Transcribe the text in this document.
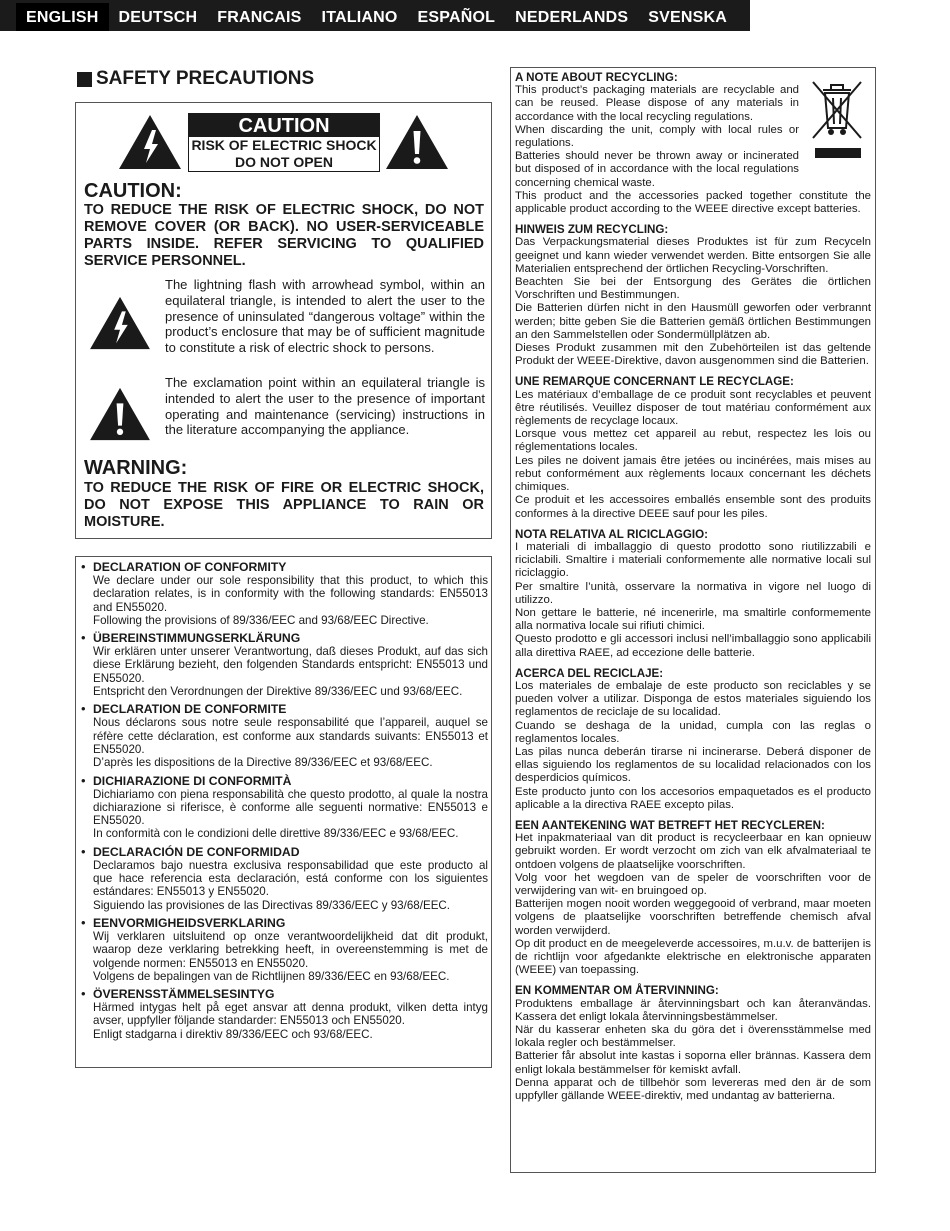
ENGLISH	DEUTSCH	FRANCAIS	ITALIANO	ESPAÑOL	NEDERLANDS	SVENSKA
SAFETY PRECAUTIONS
CAUTION
RISK OF ELECTRIC SHOCK
DO NOT OPEN
CAUTION:
TO REDUCE THE RISK OF ELECTRIC SHOCK, DO NOT REMOVE COVER (OR BACK). NO USER-SERVICEABLE PARTS INSIDE. REFER SERVICING TO QUALIFIED SERVICE PERSONNEL.
The lightning flash with arrowhead symbol, within an equilateral triangle, is intended to alert the user to the presence of uninsulated “dangerous voltage” within the product’s enclosure that may be of sufficient magnitude to constitute a risk of electric shock to persons.
The exclamation point within an equilateral triangle is intended to alert the user to the presence of important operating and maintenance (servicing) instructions in the literature accompanying the appliance.
WARNING:
TO REDUCE THE RISK OF FIRE OR ELECTRIC SHOCK, DO NOT EXPOSE THIS APPLIANCE TO RAIN OR MOISTURE.
• DECLARATION OF CONFORMITY
We declare under our sole responsibility that this product, to which this declaration relates, is in conformity with the following standards: EN55013 and EN55020.
Following the provisions of 89/336/EEC and 93/68/EEC Directive.
• ÜBEREINSTIMMUNGSERKLÄRUNG
Wir erklären unter unserer Verantwortung, daß dieses Produkt, auf das sich diese Erklärung bezieht, den folgenden Standards entspricht: EN55013 und EN55020.
Entspricht den Verordnungen der Direktive 89/336/EEC und 93/68/EEC.
• DECLARATION DE CONFORMITE
Nous déclarons sous notre seule responsabilité que l’appareil, auquel se réfère cette déclaration, est conforme aux standards suivants: EN55013 et EN55020.
D’après les dispositions de la Directive 89/336/EEC et 93/68/EEC.
• DICHIARAZIONE DI CONFORMITÀ
Dichiariamo con piena responsabilità che questo prodotto, al quale la nostra dichiarazione si riferisce, è conforme alle seguenti normative: EN55013 e EN55020.
In conformità con le condizioni delle direttive 89/336/EEC e 93/68/EEC.
• DECLARACIÓN DE CONFORMIDAD
Declaramos bajo nuestra exclusiva responsabilidad que este producto al que hace referencia esta declaración, está conforme con los siguientes estándares: EN55013 y EN55020.
Siguiendo las provisiones de las Directivas 89/336/EEC y 93/68/EEC.
• EENVORMIGHEIDSVERKLARING
Wij verklaren uitsluitend op onze verantwoordelijkheid dat dit produkt, waarop deze verklaring betrekking heeft, in overeenstemming is met de volgende normen: EN55013 en EN55020.
Volgens de bepalingen van de Richtlijnen 89/336/EEC en 93/68/EEC.
• ÖVERENSSTÄMMELSESINTYG
Härmed intygas helt på eget ansvar att denna produkt, vilken detta intyg avser, uppfyller följande standarder: EN55013 och EN55020.
Enligt stadgarna i direktiv 89/336/EEC och 93/68/EEC.
A NOTE ABOUT RECYCLING:

This product’s packaging materials are recyclable and can be reused. Please dispose of any materials in accordance with the local recycling regulations.

When discarding the unit, comply with local rules or regulations.

Batteries should never be thrown away or incinerated but disposed of in accordance with the local regulations concerning chemical waste.

This product and the accessories packed together constitute the applicable product according to the WEEE directive except batteries.

HINWEIS ZUM RECYCLING:

Das Verpackungsmaterial dieses Produktes ist für zum Recyceln geeignet und kann wieder verwendet werden. Bitte entsorgen Sie alle Materialien entsprechend der örtlichen Recycling-Vorschriften.

Beachten Sie bei der Entsorgung des Gerätes die örtlichen Vorschriften und Bestimmungen.

Die Batterien dürfen nicht in den Hausmüll geworfen oder verbrannt werden; bitte geben Sie die Batterien gemäß örtlichen Bestimmungen an den Sammelstellen oder Sondermüllplätzen ab.

Dieses Produkt zusammen mit den Zubehörteilen ist das geltende Produkt der WEEE-Direktive, davon ausgenommen sind die Batterien.

UNE REMARQUE CONCERNANT LE RECYCLAGE:

Les matériaux d’emballage de ce produit sont recyclables et peuvent être réutilisés. Veuillez disposer de tout matériau conformément aux règlements de recyclage locaux.

Lorsque vous mettez cet appareil au rebut, respectez les lois ou réglementations locales.

Les piles ne doivent jamais être jetées ou incinérées, mais mises au rebut conformément aux règlements locaux concernant les déchets chimiques.

Ce produit et les accessoires emballés ensemble sont des produits conformes à la directive DEEE sauf pour les piles.

NOTA RELATIVA AL RICICLAGGIO:

I materiali di imballaggio di questo prodotto sono riutilizzabili e riciclabili. Smaltire i materiali conformemente alle normative locali sul riciclaggio.

Per smaltire l’unità, osservare la normativa in vigore nel luogo di utilizzo.

Non gettare le batterie, né incenerirle, ma smaltirle conformemente alla normativa locale sui rifiuti chimici.

Questo prodotto e gli accessori inclusi nell’imballaggio sono applicabili alla direttiva RAEE, ad eccezione delle batterie.

ACERCA DEL RECICLAJE:

Los materiales de embalaje de este producto son reciclables y se pueden volver a utilizar. Disponga de estos materiales siguiendo los reglamentos de reciclaje de su localidad.

Cuando se deshaga de la unidad, cumpla con las reglas o reglamentos locales.

Las pilas nunca deberán tirarse ni incinerarse. Deberá disponer de ellas siguiendo los reglamentos de su localidad relacionados con los desperdicios químicos.

Este producto junto con los accesorios empaquetados es el producto aplicable a la directiva RAEE excepto pilas.

EEN AANTEKENING WAT BETREFT HET RECYCLEREN:

Het inpakmateriaal van dit product is recycleerbaar en kan opnieuw gebruikt worden. Er wordt verzocht om zich van elk afvalmateriaal te ontdoen volgens de plaatselijke voorschriften.

Volg voor het wegdoen van de speler de voorschriften voor de verwijdering van wit- en bruingoed op.

Batterijen mogen nooit worden weggegooid of verbrand, maar moeten volgens de plaatselijke voorschriften betreffende chemisch afval worden verwijderd.

Op dit product en de meegeleverde accessoires, m.u.v. de batterijen is de richtlijn voor afgedankte elektrische en elektronische apparaten (WEEE) van toepassing.

EN KOMMENTAR OM ÅTERVINNING:

Produktens emballage är återvinningsbart och kan återanvändas. Kassera det enligt lokala återvinningsbestämmelser.

När du kasserar enheten ska du göra det i överensstämmelse med lokala regler och bestämmelser.

Batterier får absolut inte kastas i soporna eller brännas. Kassera dem enligt lokala bestämmelser för kemiskt avfall.

Denna apparat och de tillbehör som levereras med den är de som uppfyller gällande WEEE-direktiv, med undantag av batterierna.
